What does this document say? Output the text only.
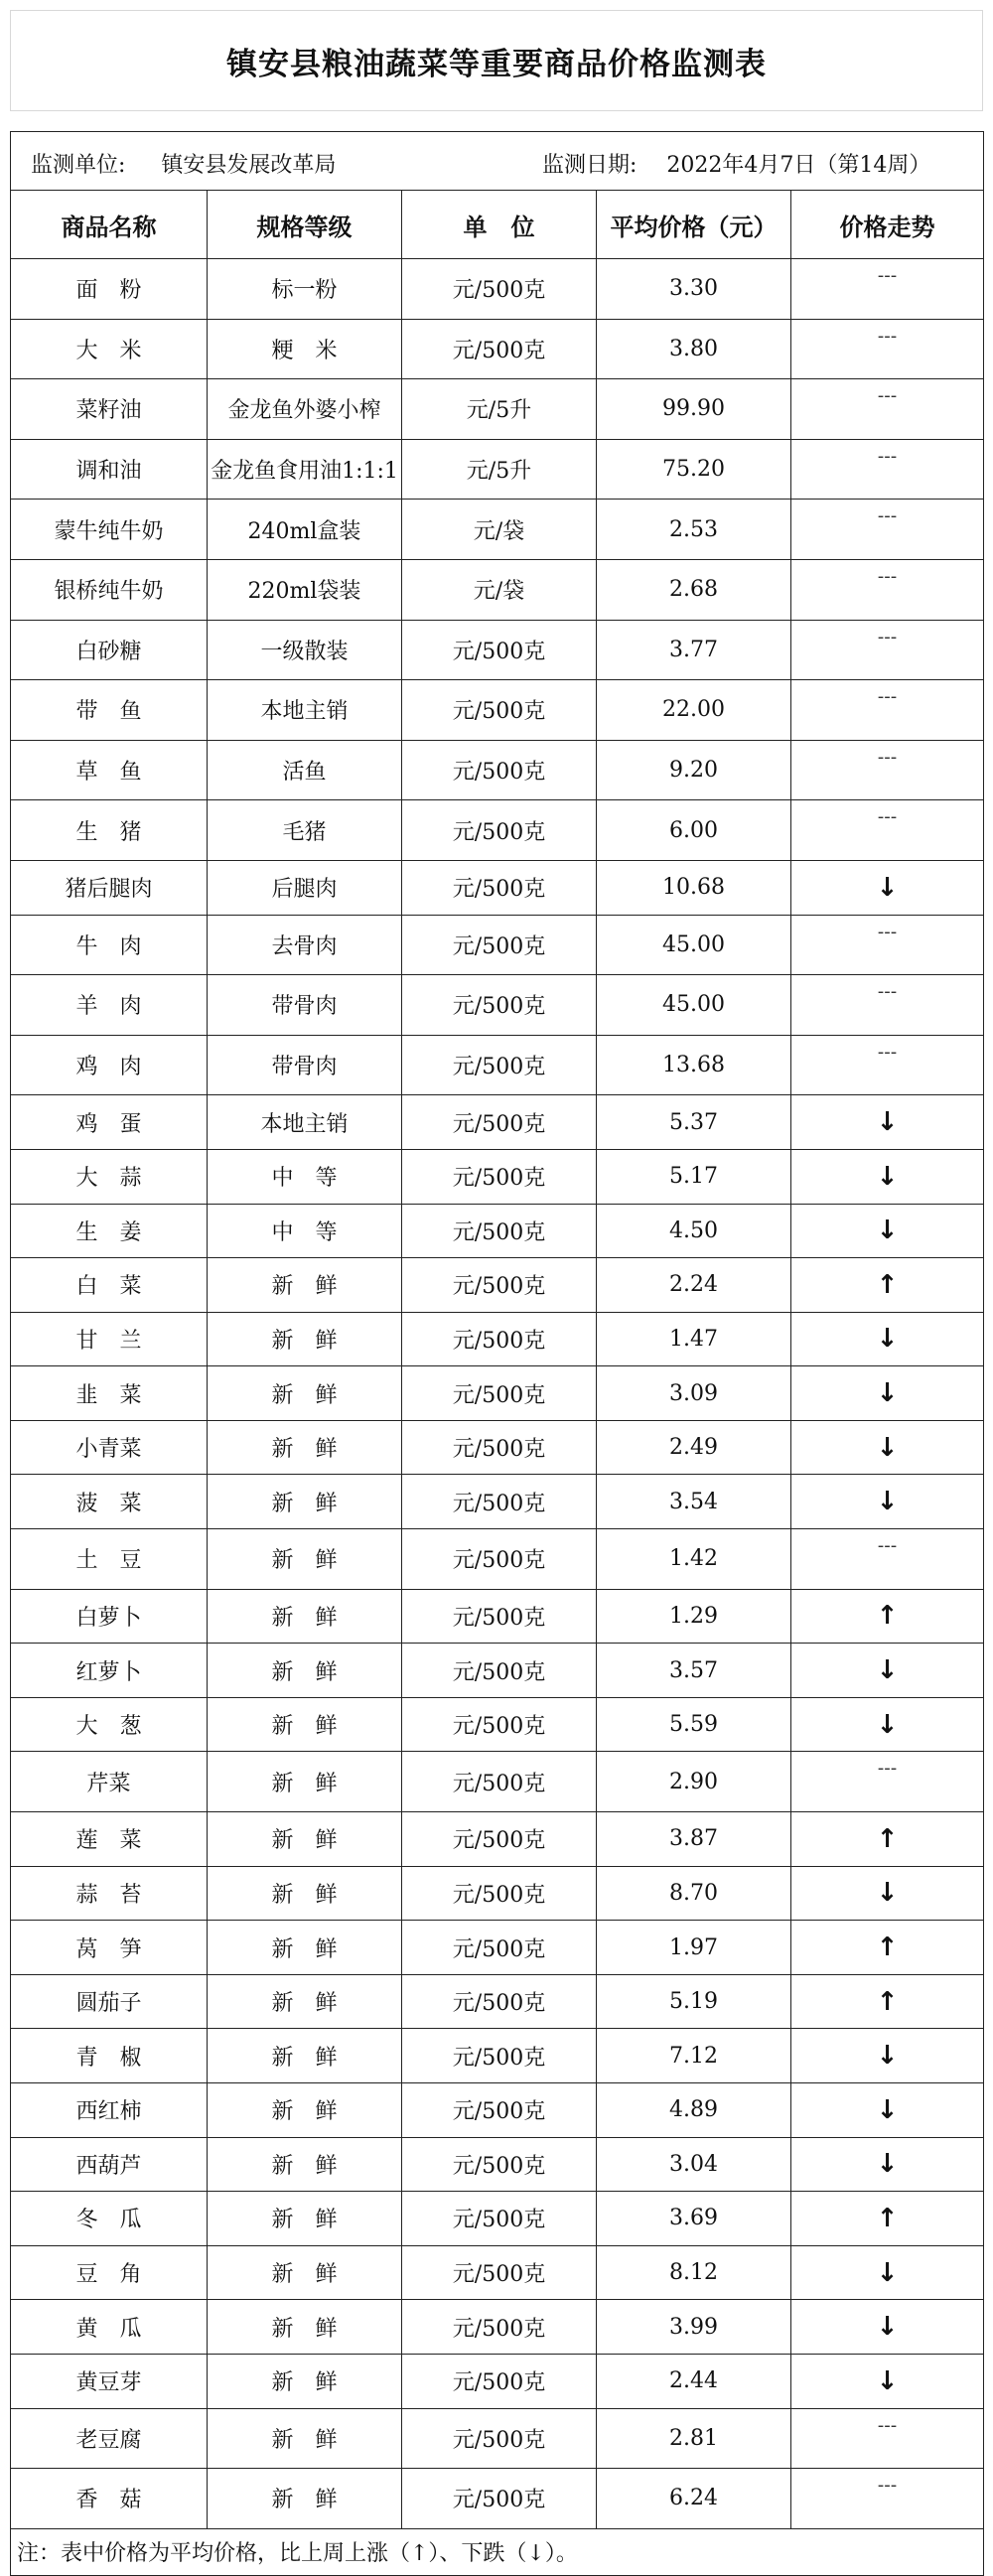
镇安县粮油蔬菜等重要商品价格监测表
监测单位: 镇安县发展改革局 监测日期: 2022年4月7日（第14周）				

商品名称	规格等级	单　位	平均价格（元）	价格走势
面　粉	标一粉	元/500克	3.30	---
大　米	粳　米	元/500克	3.80	---
菜籽油	金龙鱼外婆小榨	元/5升	99.90	---
调和油	金龙鱼食用油1:1:1	元/5升	75.20	---
蒙牛纯牛奶	240ml盒装	元/袋	2.53	---
银桥纯牛奶	220ml袋装	元/袋	2.68	---
白砂糖	一级散装	元/500克	3.77	---
带　鱼	本地主销	元/500克	22.00	---
草　鱼	活鱼	元/500克	9.20	---
生　猪	毛猪	元/500克	6.00	---
猪后腿肉	后腿肉	元/500克	10.68	↓
牛　肉	去骨肉	元/500克	45.00	---
羊　肉	带骨肉	元/500克	45.00	---
鸡　肉	带骨肉	元/500克	13.68	---
鸡　蛋	本地主销	元/500克	5.37	↓
大　蒜	中　等	元/500克	5.17	↓
生　姜	中　等	元/500克	4.50	↓
白　菜	新　鲜	元/500克	2.24	↑
甘　兰	新　鲜	元/500克	1.47	↓
韭　菜	新　鲜	元/500克	3.09	↓
小青菜	新　鲜	元/500克	2.49	↓
菠　菜	新　鲜	元/500克	3.54	↓
土　豆	新　鲜	元/500克	1.42	---
白萝卜	新　鲜	元/500克	1.29	↑
红萝卜	新　鲜	元/500克	3.57	↓
大　葱	新　鲜	元/500克	5.59	↓
芹菜	新　鲜	元/500克	2.90	---
莲　菜	新　鲜	元/500克	3.87	↑
蒜　苔	新　鲜	元/500克	8.70	↓
莴　笋	新　鲜	元/500克	1.97	↑
圆茄子	新　鲜	元/500克	5.19	↑
青　椒	新　鲜	元/500克	7.12	↓
西红柿	新　鲜	元/500克	4.89	↓
西葫芦	新　鲜	元/500克	3.04	↓
冬　瓜	新　鲜	元/500克	3.69	↑
豆　角	新　鲜	元/500克	8.12	↓
黄　瓜	新　鲜	元/500克	3.99	↓
黄豆芽	新　鲜	元/500克	2.44	↓
老豆腐	新　鲜	元/500克	2.81	---
香　菇	新　鲜	元/500克	6.24	---
注：表中价格为平均价格，比上周上涨（↑）、下跌（↓）。				
